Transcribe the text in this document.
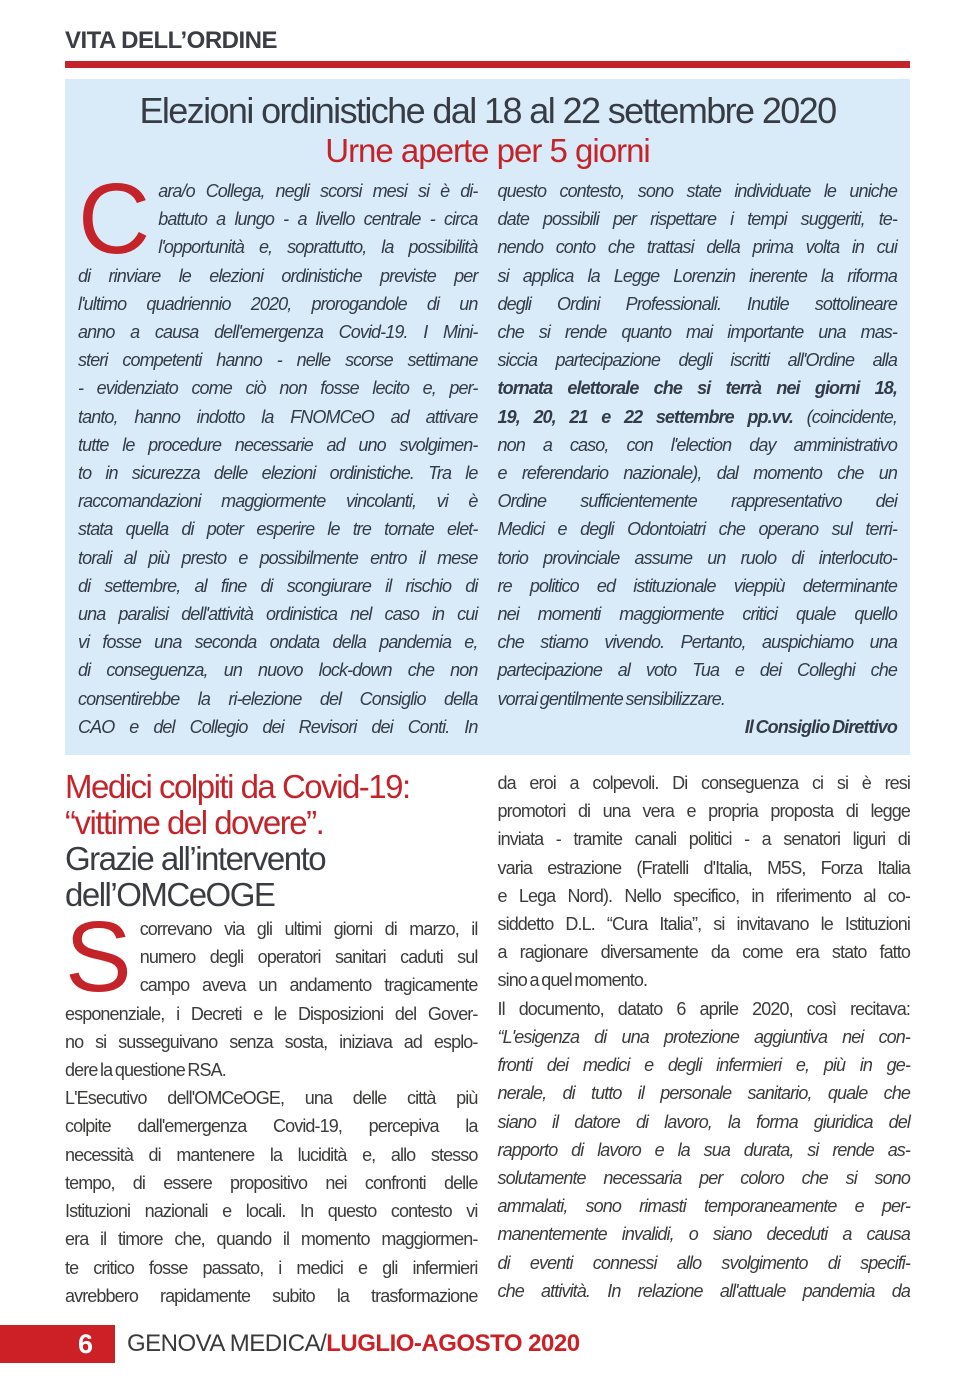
VITA DELL’ORDINE
Elezioni ordinistiche dal 18 al 22 settembre 2020
Urne aperte per 5 giorni
C ara/o Collega, negli scorsi mesi si è di-
battuto a lungo - a livello centrale - circa
l'opportunità e, soprattutto, la possibilità
di rinviare le elezioni ordinistiche previste per
l'ultimo quadriennio 2020, prorogandole di un
anno a causa dell'emergenza Covid-19. I Mini-
steri competenti hanno - nelle scorse settimane
- evidenziato come ciò non fosse lecito e, per-
tanto, hanno indotto la FNOMCeO ad attivare
tutte le procedure necessarie ad uno svolgimen-
to in sicurezza delle elezioni ordinistiche. Tra le
raccomandazioni maggiormente vincolanti, vi è
stata quella di poter esperire le tre tornate elet-
torali al più presto e possibilmente entro il mese
di settembre, al fine di scongiurare il rischio di
una paralisi dell'attività ordinistica nel caso in cui
vi fosse una seconda ondata della pandemia e,
di conseguenza, un nuovo lock-down che non
consentirebbe la ri-elezione del Consiglio della
CAO e del Collegio dei Revisori dei Conti. In
questo contesto, sono state individuate le uniche
date possibili per rispettare i tempi suggeriti, te-
nendo conto che trattasi della prima volta in cui
si applica la Legge Lorenzin inerente la riforma
degli Ordini Professionali. Inutile sottolineare
che si rende quanto mai importante una mas-
siccia partecipazione degli iscritti all'Ordine alla
tornata elettorale che si terrà nei giorni 18,
19, 20, 21 e 22 settembre pp.vv. (coincidente,
non a caso, con l'election day amministrativo
e referendario nazionale), dal momento che un
Ordine sufficientemente rappresentativo dei
Medici e degli Odontoiatri che operano sul terri-
torio provinciale assume un ruolo di interlocuto-
re politico ed istituzionale vieppiù determinante
nei momenti maggiormente critici quale quello
che stiamo vivendo. Pertanto, auspichiamo una
partecipazione al voto Tua e dei Colleghi che
vorrai gentilmente sensibilizzare.
Il Consiglio Direttivo
Medici colpiti da Covid-19:
“vittime del dovere”.
Grazie all’intervento
dell’OMCeOGE
S correvano via gli ultimi giorni di marzo, il
numero degli operatori sanitari caduti sul
campo aveva un andamento tragicamente
esponenziale, i Decreti e le Disposizioni del Gover-
no si susseguivano senza sosta, iniziava ad esplo-
dere la questione RSA.
L'Esecutivo dell'OMCeOGE, una delle città più
colpite dall'emergenza Covid-19, percepiva la
necessità di mantenere la lucidità e, allo stesso
tempo, di essere propositivo nei confronti delle
Istituzioni nazionali e locali. In questo contesto vi
era il timore che, quando il momento maggiormen-
te critico fosse passato, i medici e gli infermieri
avrebbero rapidamente subito la trasformazione
da eroi a colpevoli. Di conseguenza ci si è resi
promotori di una vera e propria proposta di legge
inviata - tramite canali politici - a senatori liguri di
varia estrazione (Fratelli d'Italia, M5S, Forza Italia
e Lega Nord). Nello specifico, in riferimento al co-
siddetto D.L. “Cura Italia”, si invitavano le Istituzioni
a ragionare diversamente da come era stato fatto
sino a quel momento.
Il documento, datato 6 aprile 2020, così recitava:
“L'esigenza di una protezione aggiuntiva nei con-
fronti dei medici e degli infermieri e, più in ge-
nerale, di tutto il personale sanitario, quale che
siano il datore di lavoro, la forma giuridica del
rapporto di lavoro e la sua durata, si rende as-
solutamente necessaria per coloro che si sono
ammalati, sono rimasti temporaneamente e per-
manentemente invalidi, o siano deceduti a causa
di eventi connessi allo svolgimento di specifi-
che attività. In relazione all'attuale pandemia da
6 GENOVA MEDICA/ LUGLIO-AGOSTO 2020
